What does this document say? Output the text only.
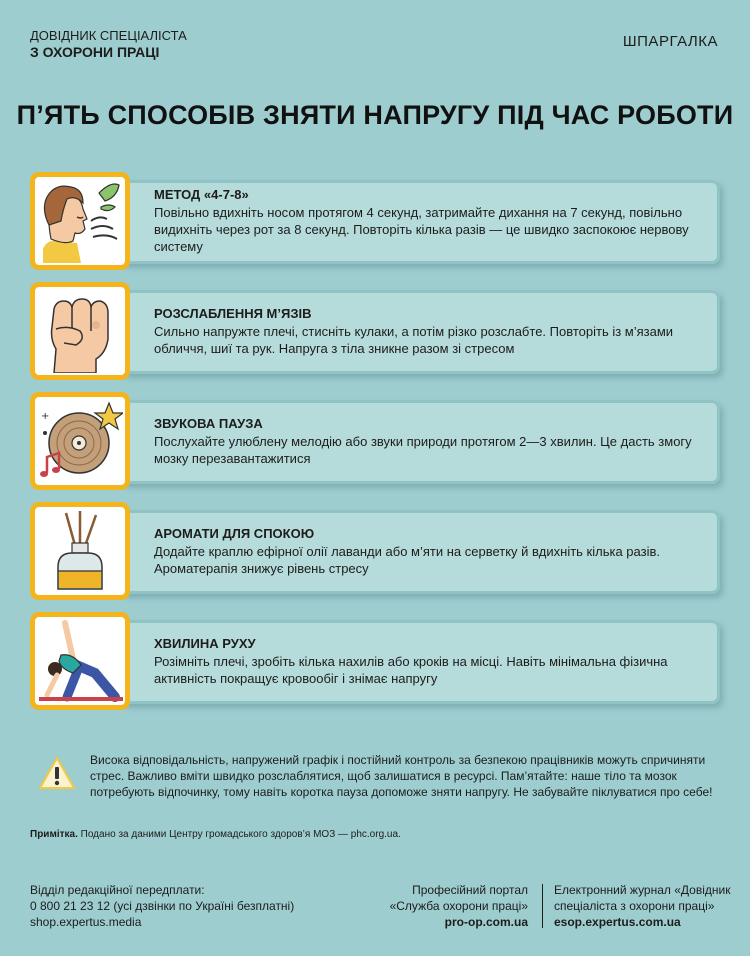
ДОВІДНИК СПЕЦІАЛІСТА
З ОХОРОНИ ПРАЦІ
ШПАРГАЛКА
П’ЯТЬ СПОСОБІВ ЗНЯТИ НАПРУГУ ПІД ЧАС РОБОТИ
МЕТОД «4-7-8»
Повільно вдихніть носом протягом 4 секунд, затримайте дихання на 7 секунд, повільно видихніть через рот за 8 секунд. Повторіть кілька разів — це швидко заспокоює нервову систему
РОЗСЛАБЛЕННЯ М’ЯЗІВ
Сильно напружте плечі, стисніть кулаки, а потім різко розслабте. Повторіть із м’язами обличчя, шиї та рук. Напруга з тіла зникне разом зі стресом
+	ЗВУКОВА ПАУЗА
Послухайте улюблену мелодію або звуки природи протягом 2—3 хвилин. Це дасть змогу мозку перезавантажитися
АРОМАТИ ДЛЯ СПОКОЮ
Додайте краплю ефірної олії лаванди або м’яти на серветку й вдихніть кілька разів. Ароматерапія знижує рівень стресу
ХВИЛИНА РУХУ
Розімніть плечі, зробіть кілька нахилів або кроків на місці. Навіть мінімальна фізична активність покращує кровообіг і знімає напругу
Висока відповідальність, напружений графік і постійний контроль за безпекою працівників можуть спричиняти стрес. Важливо вміти швидко розслаблятися, щоб залишатися в ресурсі. Пам’ятайте: наше тіло та мозок потребують відпочинку, тому навіть коротка пауза допоможе зняти напругу. Не забувайте піклуватися про себе!
Примітка. Подано за даними Центру громадського здоров’я МОЗ — phc.org.ua.
Відділ редакційної передплати:
0 800 21 23 12 (усі дзвінки по Україні безплатні)
shop.expertus.media
Професійний портал
«Служба охорони праці»
pro-op.com.ua
Електронний журнал «Довідник
спеціаліста з охорони праці»
esop.expertus.com.ua
